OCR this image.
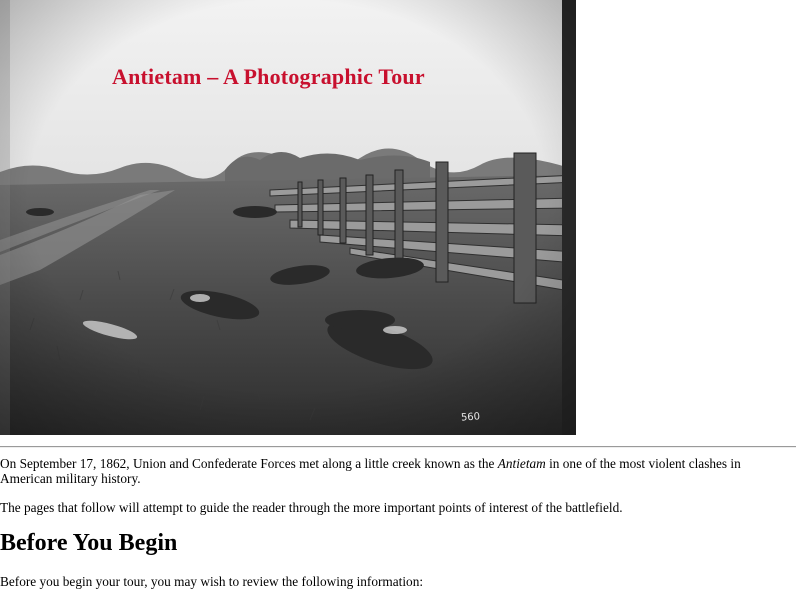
Antietam – A Photographic Tour
560

On September 17, 1862, Union and Confederate Forces met along a little creek known as the Antietam in one of the most violent clashes in American military history.

The pages that follow will attempt to guide the reader through the more important points of interest of the battlefield.

Before You Begin

Before you begin your tour, you may wish to review the following information:
